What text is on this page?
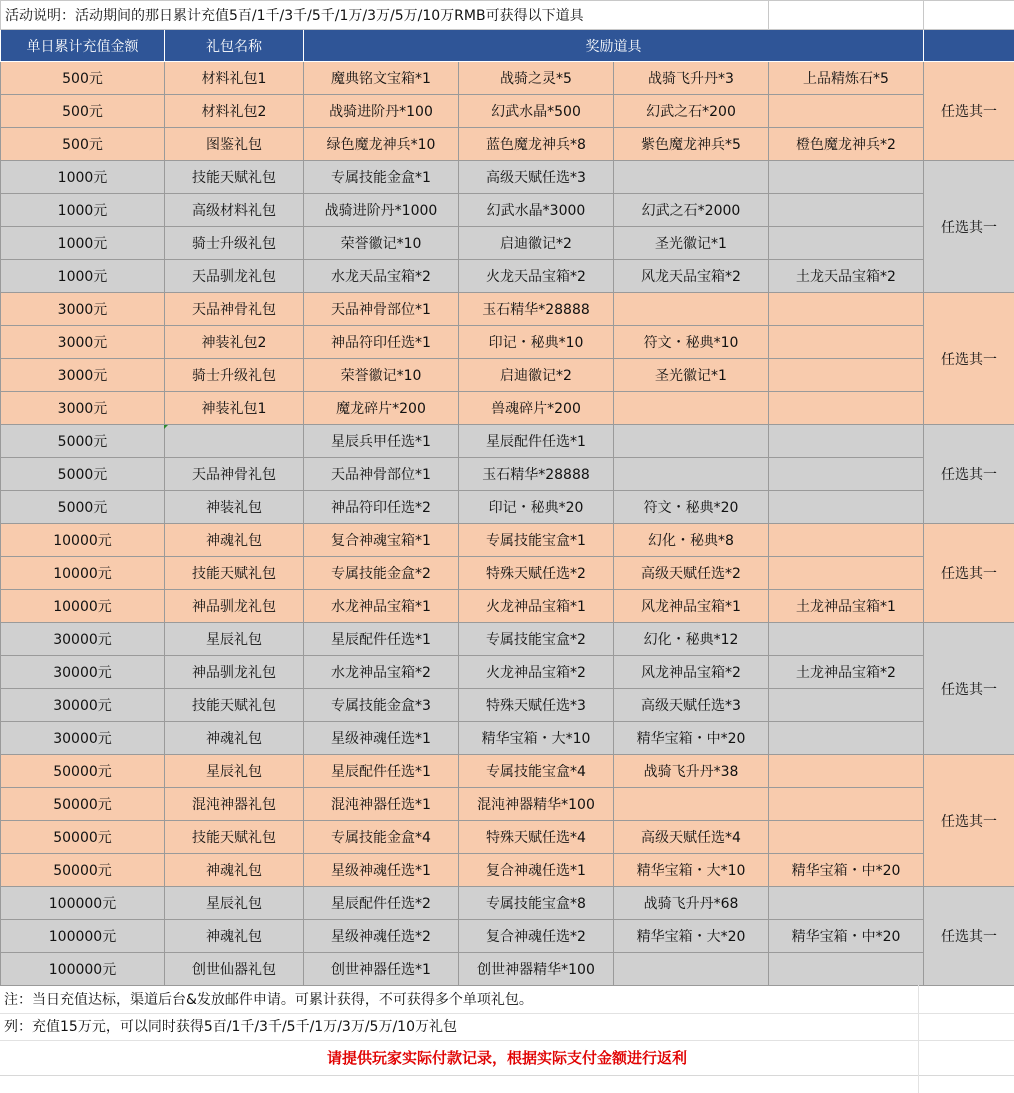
活动说明：活动期间的那日累计充值5百/1千/3千/5千/1万/3万/5万/10万RMB可获得以下道具						
单日累计充值金额	礼包名称	奖励道具				
500元	材料礼包1	魔典铭文宝箱*1	战骑之灵*5	战骑飞升丹*3	上品精炼石*5	任选其一
500元	材料礼包2	战骑进阶丹*100	幻武水晶*500	幻武之石*200		
500元	图鉴礼包	绿色魔龙神兵*10	蓝色魔龙神兵*8	紫色魔龙神兵*5	橙色魔龙神兵*2	
1000元	技能天赋礼包	专属技能金盒*1	高级天赋任选*3			任选其一
1000元	高级材料礼包	战骑进阶丹*1000	幻武水晶*3000	幻武之石*2000		
1000元	骑士升级礼包	荣誉徽记*10	启迪徽记*2	圣光徽记*1		
1000元	天品驯龙礼包	水龙天品宝箱*2	火龙天品宝箱*2	风龙天品宝箱*2	土龙天品宝箱*2	
3000元	天品神骨礼包	天品神骨部位*1	玉石精华*28888			任选其一
3000元	神装礼包2	神品符印任选*1	印记・秘典*10	符文・秘典*10		
3000元	骑士升级礼包	荣誉徽记*10	启迪徽记*2	圣光徽记*1		
3000元	神装礼包1	魔龙碎片*200	兽魂碎片*200			
5000元		星辰兵甲任选*1	星辰配件任选*1			任选其一
5000元	天品神骨礼包	天品神骨部位*1	玉石精华*28888			
5000元	神装礼包	神品符印任选*2	印记・秘典*20	符文・秘典*20		
10000元	神魂礼包	复合神魂宝箱*1	专属技能宝盒*1	幻化・秘典*8		任选其一
10000元	技能天赋礼包	专属技能金盒*2	特殊天赋任选*2	高级天赋任选*2		
10000元	神品驯龙礼包	水龙神品宝箱*1	火龙神品宝箱*1	风龙神品宝箱*1	土龙神品宝箱*1	
30000元	星辰礼包	星辰配件任选*1	专属技能宝盒*2	幻化・秘典*12		任选其一
30000元	神品驯龙礼包	水龙神品宝箱*2	火龙神品宝箱*2	风龙神品宝箱*2	土龙神品宝箱*2	
30000元	技能天赋礼包	专属技能金盒*3	特殊天赋任选*3	高级天赋任选*3		
30000元	神魂礼包	星级神魂任选*1	精华宝箱・大*10	精华宝箱・中*20		
50000元	星辰礼包	星辰配件任选*1	专属技能宝盒*4	战骑飞升丹*38		任选其一
50000元	混沌神器礼包	混沌神器任选*1	混沌神器精华*100			
50000元	技能天赋礼包	专属技能金盒*4	特殊天赋任选*4	高级天赋任选*4		
50000元	神魂礼包	星级神魂任选*1	复合神魂任选*1	精华宝箱・大*10	精华宝箱・中*20	
100000元	星辰礼包	星辰配件任选*2	专属技能宝盒*8	战骑飞升丹*68		任选其一
100000元	神魂礼包	星级神魂任选*2	复合神魂任选*2	精华宝箱・大*20	精华宝箱・中*20	
100000元	创世仙器礼包	创世神器任选*1	创世神器精华*100			
注：当日充值达标，渠道后台&发放邮件申请。可累计获得，不可获得多个单项礼包。
列：充值15万元，可以同时获得5百/1千/3千/5千/1万/3万/5万/10万礼包
请提供玩家实际付款记录，根据实际支付金额进行返利
